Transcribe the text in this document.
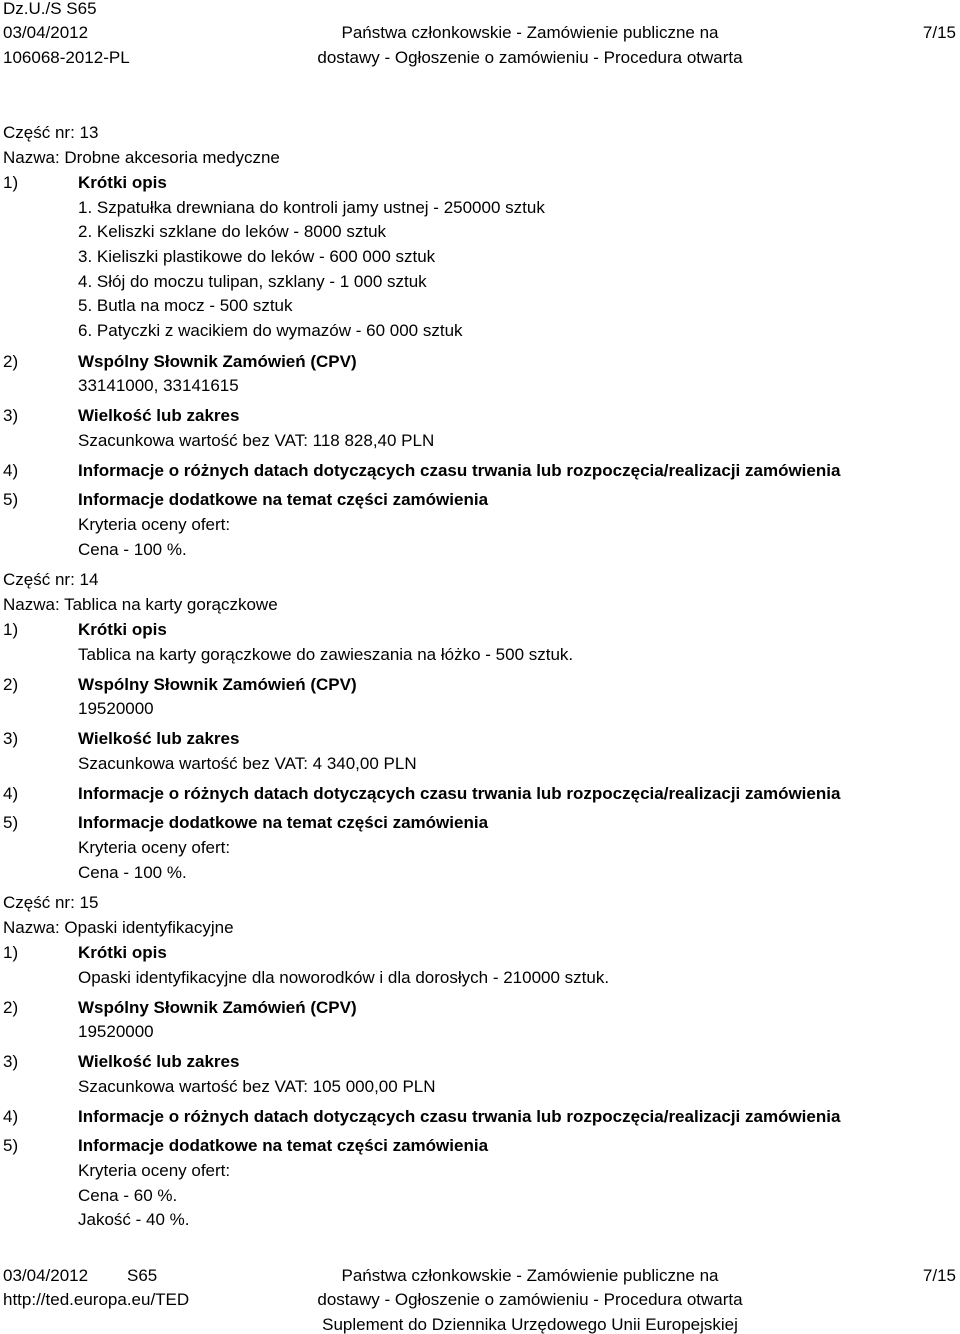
Dz.U./S S65
03/04/2012
106068-2012-PL
Państwa członkowskie - Zamówienie publiczne na
dostawy - Ogłoszenie o zamówieniu - Procedura otwarta
7/15
Część nr: 13
Nazwa: Drobne akcesoria medyczne
1)	Krótki opis
1. Szpatułka drewniana do kontroli jamy ustnej - 250000 sztuk
2. Keliszki szklane do leków - 8000 sztuk
3. Kieliszki plastikowe do leków - 600 000 sztuk
4. Słój do moczu tulipan, szklany - 1 000 sztuk
5. Butla na mocz - 500 sztuk
6. Patyczki z wacikiem do wymazów - 60 000 sztuk
2)	Wspólny Słownik Zamówień (CPV)
33141000, 33141615
3)	Wielkość lub zakres
Szacunkowa wartość bez VAT: 118 828,40 PLN
4)	Informacje o różnych datach dotyczących czasu trwania lub rozpoczęcia/realizacji zamówienia
5)	Informacje dodatkowe na temat części zamówienia
Kryteria oceny ofert:
Cena - 100 %.
Część nr: 14
Nazwa: Tablica na karty gorączkowe
1)	Krótki opis
Tablica na karty gorączkowe do zawieszania na łóżko - 500 sztuk.
2)	Wspólny Słownik Zamówień (CPV)
19520000
3)	Wielkość lub zakres
Szacunkowa wartość bez VAT: 4 340,00 PLN
4)	Informacje o różnych datach dotyczących czasu trwania lub rozpoczęcia/realizacji zamówienia
5)	Informacje dodatkowe na temat części zamówienia
Kryteria oceny ofert:
Cena - 100 %.
Część nr: 15
Nazwa: Opaski identyfikacyjne
1)	Krótki opis
Opaski identyfikacyjne dla noworodków i dla dorosłych - 210000 sztuk.
2)	Wspólny Słownik Zamówień (CPV)
19520000
3)	Wielkość lub zakres
Szacunkowa wartość bez VAT: 105 000,00 PLN
4)	Informacje o różnych datach dotyczących czasu trwania lub rozpoczęcia/realizacji zamówienia
5)	Informacje dodatkowe na temat części zamówienia
Kryteria oceny ofert:
Cena - 60 %.
Jakość - 40 %.
03/04/2012 S65
http://ted.europa.eu/TED
Państwa członkowskie - Zamówienie publiczne na
dostawy - Ogłoszenie o zamówieniu - Procedura otwarta
Suplement do Dziennika Urzędowego Unii Europejskiej
7/15
